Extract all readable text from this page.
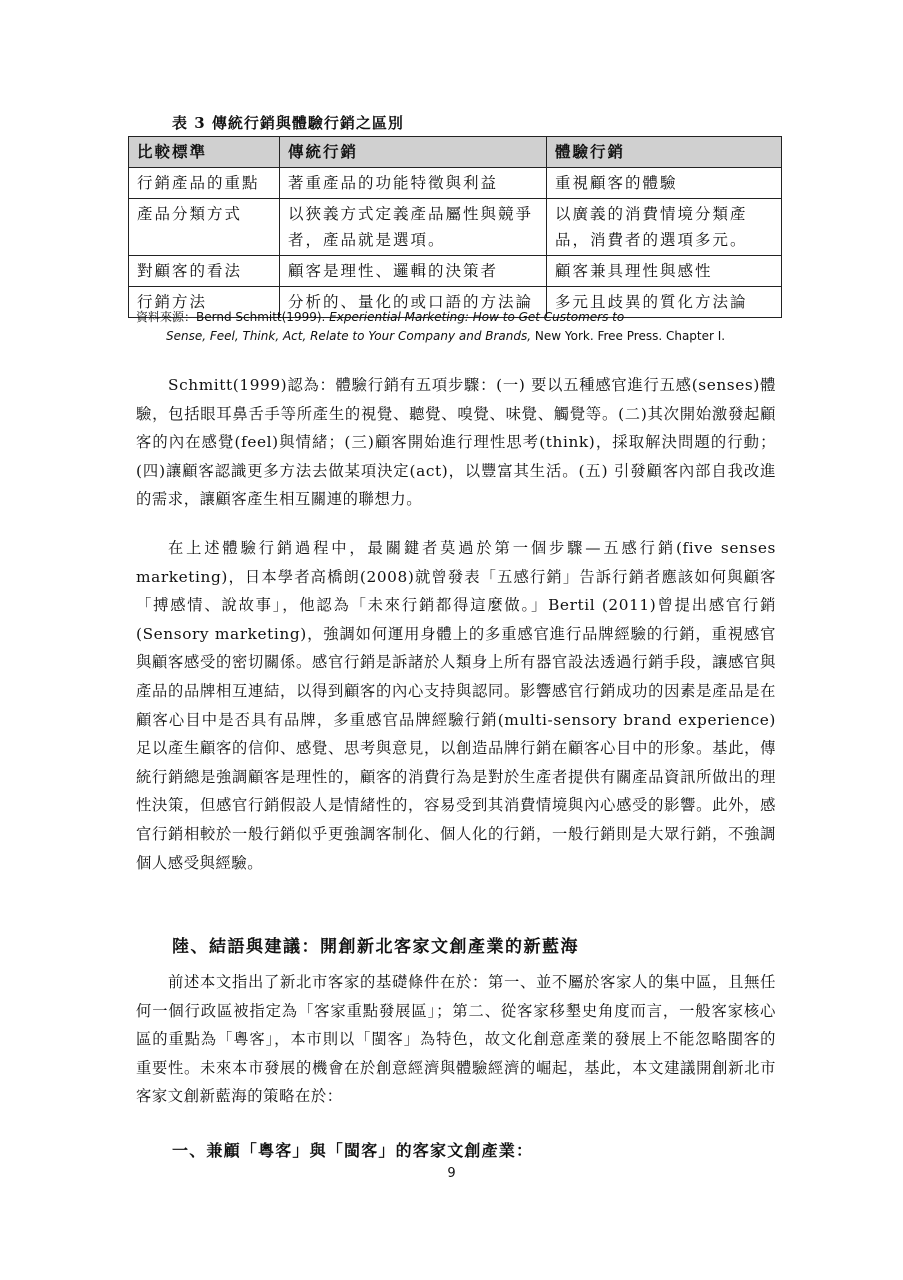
表 3 傳統行銷與體驗行銷之區別
比較標準	傳統行銷	體驗行銷
行銷產品的重點	著重產品的功能特徵與利益	重視顧客的體驗
產品分類方式	以狹義方式定義產品屬性與競爭者，產品就是選項。	以廣義的消費情境分類產品，消費者的選項多元。
對顧客的看法	顧客是理性、邏輯的決策者	顧客兼具理性與感性
行銷方法	分析的、量化的或口語的方法論	多元且歧異的質化方法論
資料來源：Bernd Schmitt(1999). Experiential Marketing: How to Get Customers to
Sense, Feel, Think, Act, Relate to Your Company and Brands, New York. Free Press. Chapter I.

Schmitt(1999)認為：體驗行銷有五項步驟：(一) 要以五種感官進行五感(senses)體驗，包括眼耳鼻舌手等所產生的視覺、聽覺、嗅覺、味覺、觸覺等。(二)其次開始激發起顧客的內在感覺(feel)與情緒；(三)顧客開始進行理性思考(think)，採取解決問題的行動；(四)讓顧客認識更多方法去做某項決定(act)，以豐富其生活。(五) 引發顧客內部自我改進的需求，讓顧客產生相互關連的聯想力。

在上述體驗行銷過程中，最關鍵者莫過於第一個步驟—五感行銷(five senses marketing)，日本學者高橋朗(2008)就曾發表「五感行銷」告訴行銷者應該如何與顧客「搏感情、說故事」，他認為「未來行銷都得這麼做。」Bertil (2011)曾提出感官行銷(Sensory marketing)，強調如何運用身體上的多重感官進行品牌經驗的行銷，重視感官與顧客感受的密切關係。感官行銷是訴諸於人類身上所有器官設法透過行銷手段，讓感官與產品的品牌相互連結，以得到顧客的內心支持與認同。影響感官行銷成功的因素是產品是在顧客心目中是否具有品牌，多重感官品牌經驗行銷(multi-sensory brand experience)足以產生顧客的信仰、感覺、思考與意見，以創造品牌行銷在顧客心目中的形象。基此，傳統行銷總是強調顧客是理性的，顧客的消費行為是對於生產者提供有關產品資訊所做出的理性決策，但感官行銷假設人是情緒性的，容易受到其消費情境與內心感受的影響。此外，感官行銷相較於一般行銷似乎更強調客制化、個人化的行銷，一般行銷則是大眾行銷，不強調個人感受與經驗。

陸、結語與建議：開創新北客家文創產業的新藍海

前述本文指出了新北市客家的基礎條件在於：第一、並不屬於客家人的集中區，且無任何一個行政區被指定為「客家重點發展區」；第二、從客家移墾史角度而言，一般客家核心區的重點為「粵客」，本市則以「閩客」為特色，故文化創意產業的發展上不能忽略閩客的重要性。未來本市發展的機會在於創意經濟與體驗經濟的崛起，基此，本文建議開創新北市客家文創新藍海的策略在於：

一、兼顧「粵客」與「閩客」的客家文創產業：
9
